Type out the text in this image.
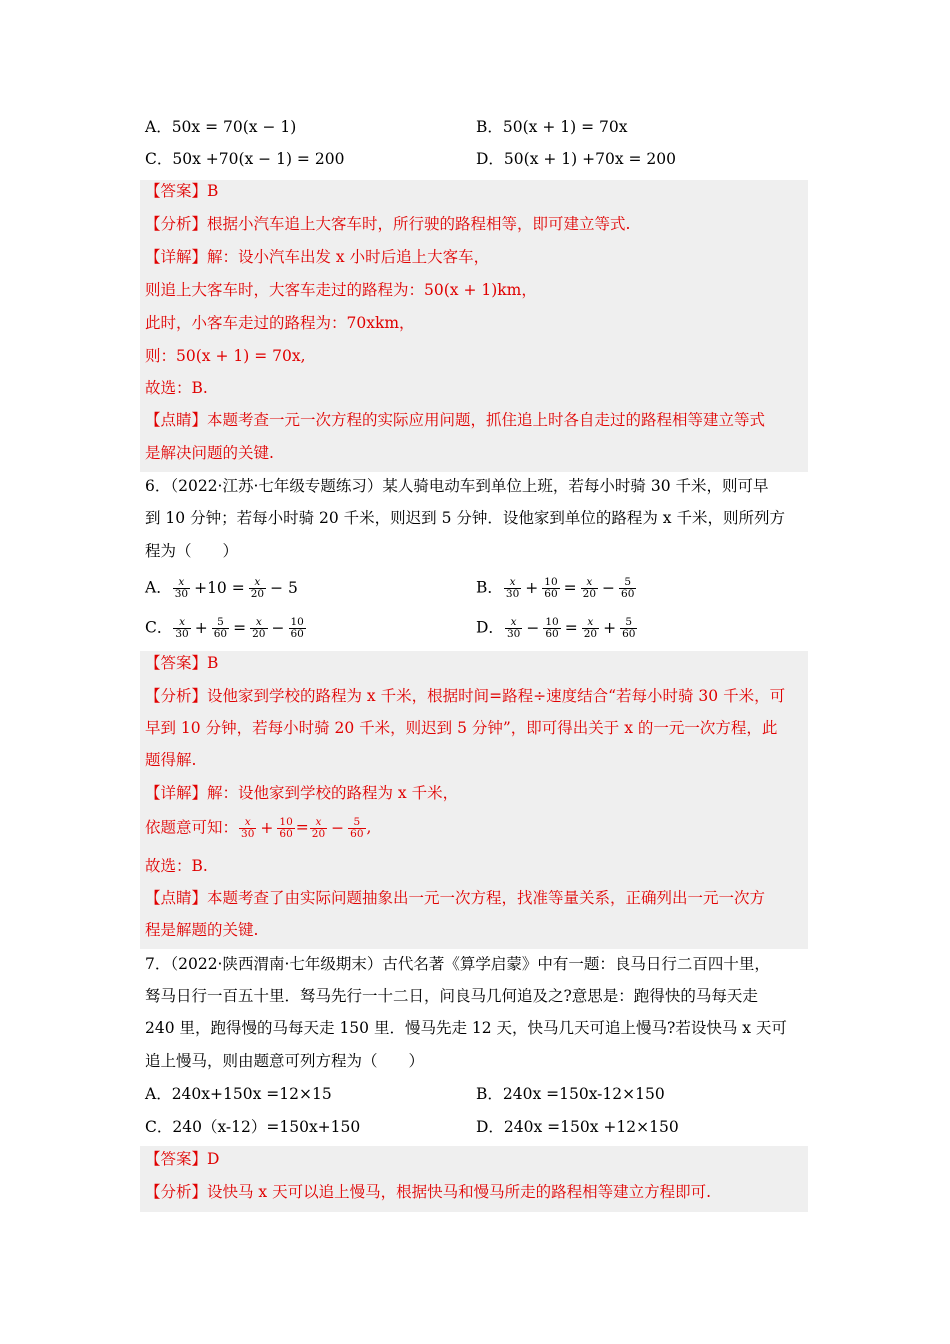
A．50x = 70(x − 1)	B．50(x + 1) = 70x
C．50x +70(x − 1) = 200	D．50(x + 1) +70x = 200
【答案】B
【分析】根据小汽车追上大客车时，所行驶的路程相等，即可建立等式.
【详解】解：设小汽车出发 x 小时后追上大客车，
则追上大客车时，大客车走过的路程为：50(x + 1)km，
此时，小客车走过的路程为：70xkm，
则：50(x + 1) = 70x,
故选：B.
【点睛】本题考查一元一次方程的实际应用问题，抓住追上时各自走过的路程相等建立等式
是解决问题的关键.
6．（2022·江苏·七年级专题练习）某人骑电动车到单位上班，若每小时骑 30 千米，则可早
到 10 分钟；若每小时骑 20 千米，则迟到 5 分钟．设他家到单位的路程为 x 千米，则所列方
程为（　　）
A． $\frac{x}{30} +10 = \frac{x}{20} - 5$	B． $\frac{x}{30} + \frac{10}{60} = \frac{x}{20} - \frac{5}{60}$
C． $\frac{x}{30} + \frac{5}{60} = \frac{x}{20} - \frac{10}{60}$	D． $\frac{x}{30} - \frac{10}{60} = \frac{x}{20} + \frac{5}{60}$
【答案】B
【分析】设他家到学校的路程为 x 千米，根据时间=路程÷速度结合“若每小时骑 30 千米，可
早到 10 分钟，若每小时骑 20 千米，则迟到 5 分钟”，即可得出关于 x 的一元一次方程，此
题得解.
【详解】解：设他家到学校的路程为 x 千米，
依题意可知： $\frac{x}{30} + \frac{10}{60} = \frac{x}{20} - \frac{5}{60}$ ,
故选：B.
【点睛】本题考查了由实际问题抽象出一元一次方程，找准等量关系，正确列出一元一次方
程是解题的关键.
7．（2022·陕西渭南·七年级期末）古代名著《算学启蒙》中有一题：良马日行二百四十里，
驽马日行一百五十里．驽马先行一十二日，问良马几何追及之?意思是：跑得快的马每天走
240 里，跑得慢的马每天走 150 里．慢马先走 12 天，快马几天可追上慢马?若设快马 x 天可
追上慢马，则由题意可列方程为（　　）
A．240x+150x =12×15	B．240x =150x-12×150
C．240（x-12）=150x+150	D．240x =150x +12×150
【答案】D
【分析】设快马 x 天可以追上慢马，根据快马和慢马所走的路程相等建立方程即可.
